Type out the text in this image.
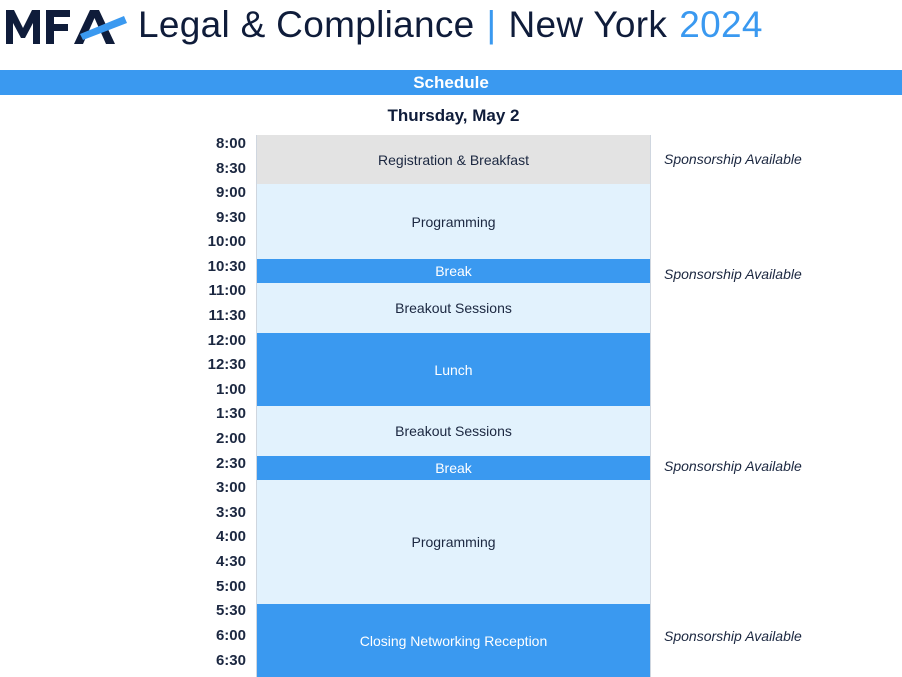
Legal & Compliance | New York 2024
Schedule
Thursday, May 2
8:00
8:30
9:00
9:30
10:00
10:30
11:00
11:30
12:00
12:30
1:00
1:30
2:00
2:30
3:00
3:30
4:00
4:30
5:00
5:30
6:00
6:30
Registration & Breakfast
Programming
Break
Breakout Sessions
Lunch
Breakout Sessions
Break
Programming
Closing Networking Reception
Sponsorship Available
Sponsorship Available
Sponsorship Available
Sponsorship Available
